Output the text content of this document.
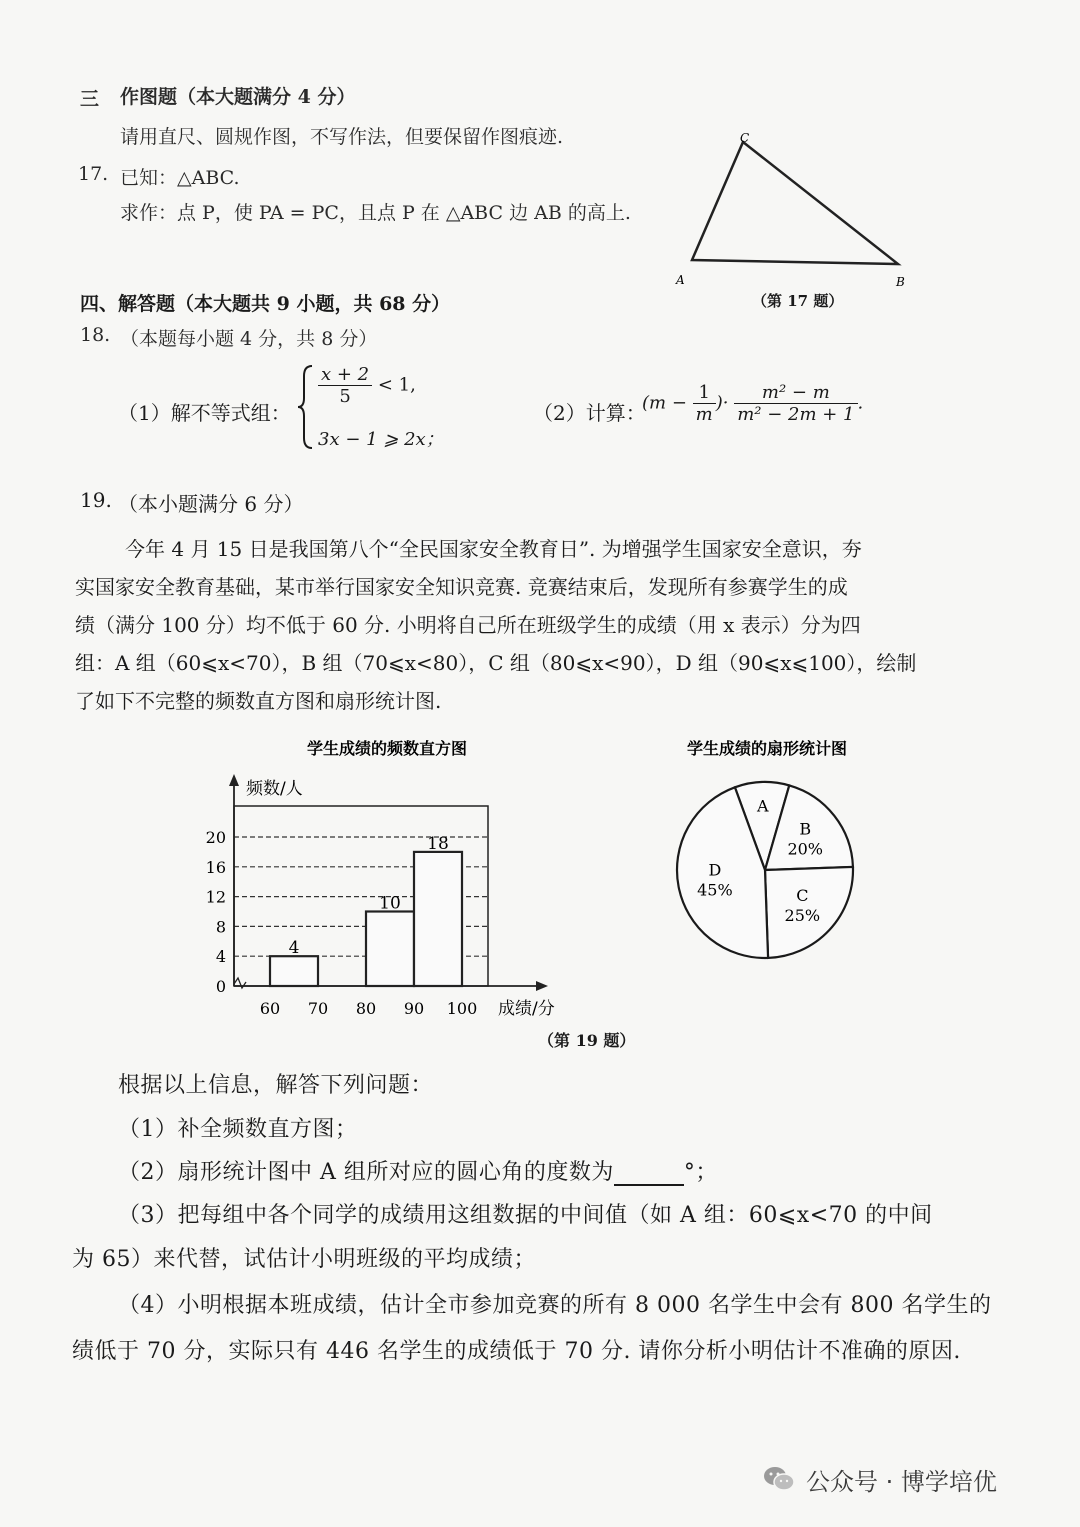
三 作图题（本大题满分 4 分）
请用直尺、圆规作图，不写作法，但要保留作图痕迹.
17. 已知：△ABC.
求作：点 P，使 PA = PC，且点 P 在 △ABC 边 AB 的高上.
C
A	B
（第 17 题）
四、解答题（本大题共 9 小题，共 68 分）
18. （本题每小题 4 分，共 8 分）
（1）解不等式组：
$\frac{x + 2}{5} < 1$,
3x − 1 ⩾ 2x；
（2）计算：
($m - \frac{1}{m}$ )· $\frac{\text{m² − m}}{\text{m² − 2m + 1}}$ .
19. （本小题满分 6 分）
今年 4 月 15 日是我国第八个“全民国家安全教育日”. 为增强学生国家安全意识，夯
实国家安全教育基础，某市举行国家安全知识竞赛. 竞赛结束后，发现所有参赛学生的成
绩（满分 100 分）均不低于 60 分. 小明将自己所在班级学生的成绩（用 x 表示）分为四
组：A 组（60⩽x<70），B 组（70⩽x<80），C 组（80⩽x<90），D 组（90⩽x⩽100），绘制
了如下不完整的频数直方图和扇形统计图.
学生成绩的频数直方图
4
10
18
0
4
8
12
16
20
60 70 80 90 100
频数/人
成绩/分
学生成绩的扇形统计图
A
B
20%
C
25%
D
45%
（第 19 题）
根据以上信息，解答下列问题：
（1）补全频数直方图；
（2）扇形统计图中 A 组所对应的圆心角的度数为	°；
（3）把每组中各个同学的成绩用这组数据的中间值（如 A 组：60⩽x<70 的中间
为 65）来代替，试估计小明班级的平均成绩；
（4）小明根据本班成绩，估计全市参加竞赛的所有 8 000 名学生中会有 800 名学生的
绩低于 70 分，实际只有 446 名学生的成绩低于 70 分. 请你分析小明估计不准确的原因.
公众号 · 博学培优
